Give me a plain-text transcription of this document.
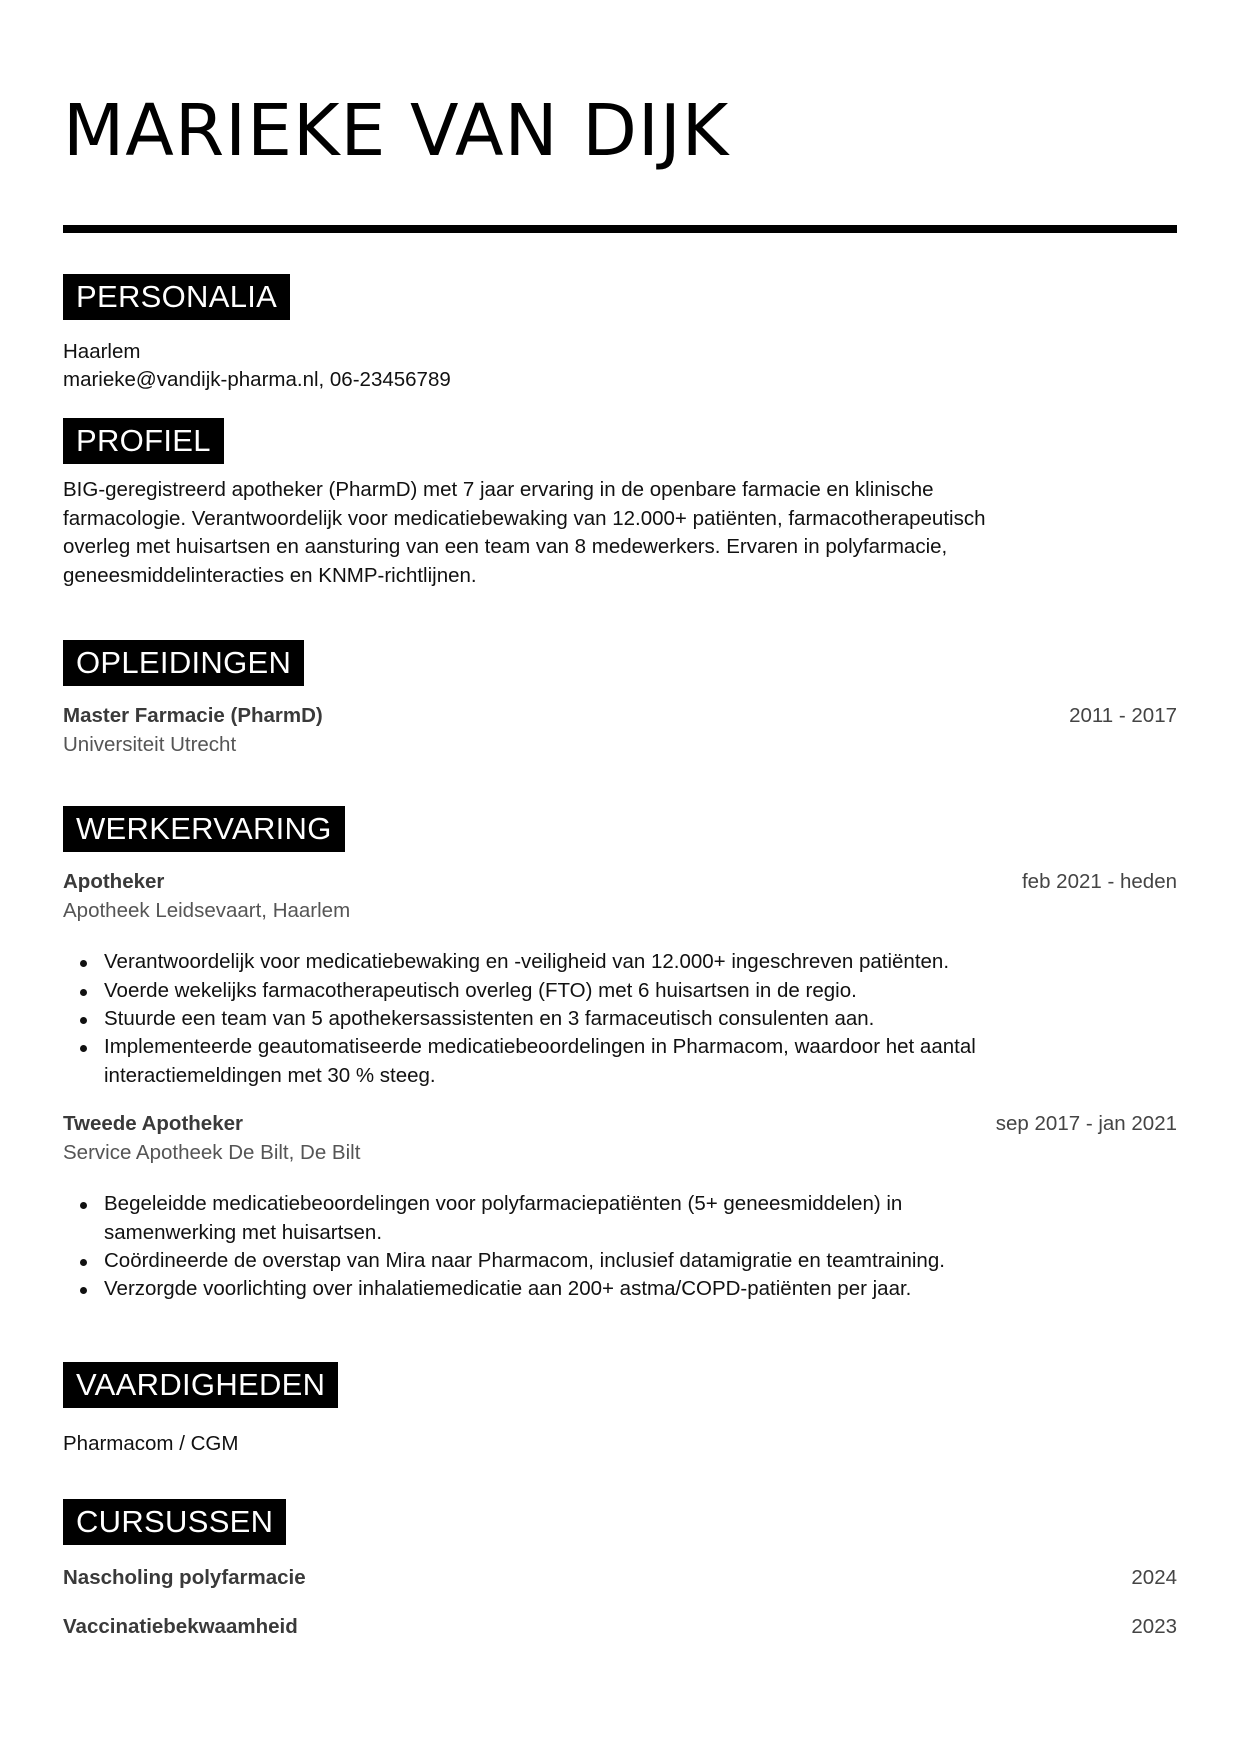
MARIEKE VAN DIJK
PERSONALIA
Haarlem
marieke@vandijk-pharma.nl, 06-23456789
PROFIEL
BIG-geregistreerd apotheker (PharmD) met 7 jaar ervaring in de openbare farmacie en klinische
farmacologie. Verantwoordelijk voor medicatiebewaking van 12.000+ patiënten, farmacotherapeutisch
overleg met huisartsen en aansturing van een team van 8 medewerkers. Ervaren in polyfarmacie,
geneesmiddelinteracties en KNMP-richtlijnen.
OPLEIDINGEN
Master Farmacie (PharmD)
Universiteit Utrecht
2011 - 2017
WERKERVARING
Apotheker
Apotheek Leidsevaart, Haarlem
feb 2021 - heden
Verantwoordelijk voor medicatiebewaking en -veiligheid van 12.000+ ingeschreven patiënten.
Voerde wekelijks farmacotherapeutisch overleg (FTO) met 6 huisartsen in de regio.
Stuurde een team van 5 apothekersassistenten en 3 farmaceutisch consulenten aan.
Implementeerde geautomatiseerde medicatiebeoordelingen in Pharmacom, waardoor het aantal
interactiemeldingen met 30 % steeg.
Tweede Apotheker
Service Apotheek De Bilt, De Bilt
sep 2017 - jan 2021
Begeleidde medicatiebeoordelingen voor polyfarmaciepatiënten (5+ geneesmiddelen) in
samenwerking met huisartsen.
Coördineerde de overstap van Mira naar Pharmacom, inclusief datamigratie en teamtraining.
Verzorgde voorlichting over inhalatiemedicatie aan 200+ astma/COPD-patiënten per jaar.
VAARDIGHEDEN
Pharmacom / CGM
CURSUSSEN
Nascholing polyfarmacie	2024
Vaccinatiebekwaamheid	2023
